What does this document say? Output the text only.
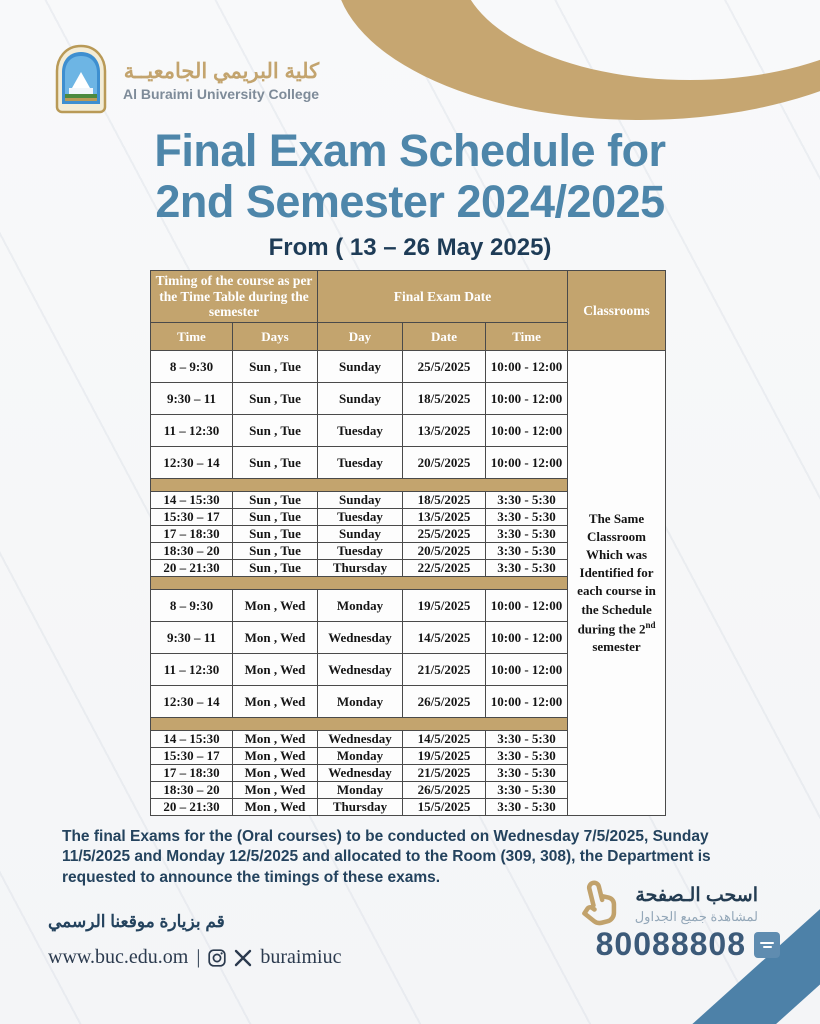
كلية البريمي الجامعيــة
Al Buraimi University College
Final Exam Schedule for
2nd Semester 2024/2025
From ( 13 – 26 May 2025)
Timing of the course as per the Time Table during the semester		Final Exam Date			Classrooms
Time	Days	Day	Date	Time	
8 – 9:30	Sun , Tue	Sunday	25/5/2025	10:00 - 12:00	The Same Classroom Which was Identified for each course in the Schedule during the 2nd semester
9:30 – 11	Sun , Tue	Sunday	18/5/2025	10:00 - 12:00	
11 – 12:30	Sun , Tue	Tuesday	13/5/2025	10:00 - 12:00	
12:30 – 14	Sun , Tue	Tuesday	20/5/2025	10:00 - 12:00	

14 – 15:30	Sun , Tue	Sunday	18/5/2025	3:30 - 5:30	
15:30 – 17	Sun , Tue	Tuesday	13/5/2025	3:30 - 5:30	
17 – 18:30	Sun , Tue	Sunday	25/5/2025	3:30 - 5:30	
18:30 – 20	Sun , Tue	Tuesday	20/5/2025	3:30 - 5:30	
20 – 21:30	Sun , Tue	Thursday	22/5/2025	3:30 - 5:30	

8 – 9:30	Mon , Wed	Monday	19/5/2025	10:00 - 12:00	
9:30 – 11	Mon , Wed	Wednesday	14/5/2025	10:00 - 12:00	
11 – 12:30	Mon , Wed	Wednesday	21/5/2025	10:00 - 12:00	
12:30 – 14	Mon , Wed	Monday	26/5/2025	10:00 - 12:00	

14 – 15:30	Mon , Wed	Wednesday	14/5/2025	3:30 - 5:30	
15:30 – 17	Mon , Wed	Monday	19/5/2025	3:30 - 5:30	
17 – 18:30	Mon , Wed	Wednesday	21/5/2025	3:30 - 5:30	
18:30 – 20	Mon , Wed	Monday	26/5/2025	3:30 - 5:30	
20 – 21:30	Mon , Wed	Thursday	15/5/2025	3:30 - 5:30	
The final Exams for the (Oral courses) to be conducted on Wednesday 7/5/2025, Sunday 11/5/2025 and Monday 12/5/2025 and allocated to the Room (309, 308), the Department is requested to announce the timings of these exams.
قم بزيارة موقعنا الرسمي
www.buc.edu.om |	buraimiuc
اسحب الـصفحة
لمشاهدة جميع الجداول
80088808
